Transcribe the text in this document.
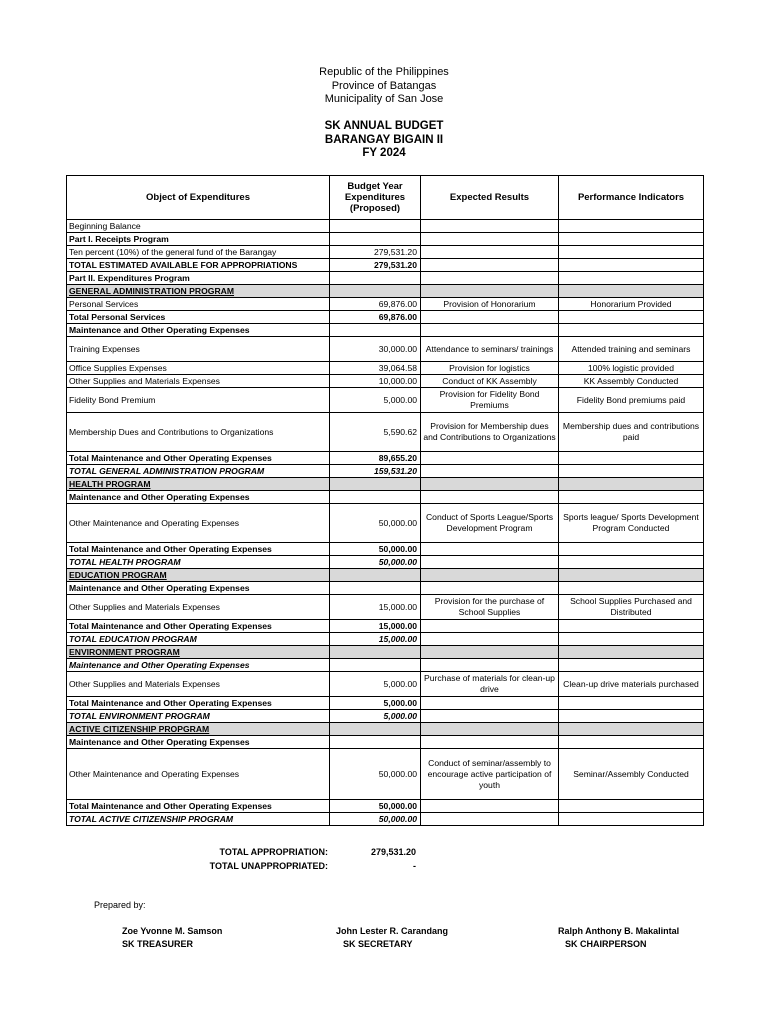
Republic of the Philippines
Province of Batangas
Municipality of San Jose
SK ANNUAL BUDGET
BARANGAY BIGAIN II
FY 2024
Object of Expenditures	Budget Year Expenditures (Proposed)	Expected Results	Performance Indicators
Beginning Balance			
Part I. Receipts Program			
Ten percent (10%) of the general fund of the Barangay	279,531.20		
TOTAL ESTIMATED AVAILABLE FOR APPROPRIATIONS	279,531.20		
Part II. Expenditures Program			
GENERAL ADMINISTRATION PROGRAM			
Personal Services	69,876.00	Provision of Honorarium	Honorarium Provided
Total Personal Services	69,876.00		
Maintenance and Other Operating Expenses			
Training Expenses	30,000.00	Attendance to seminars/ trainings	Attended training and seminars
Office Supplies Expenses	39,064.58	Provision for logistics	100% logistic provided
Other Supplies and Materials Expenses	10,000.00	Conduct of KK Assembly	KK Assembly Conducted
Fidelity Bond Premium	5,000.00	Provision for Fidelity Bond Premiums	Fidelity Bond premiums paid
Membership Dues and Contributions to Organizations	5,590.62	Provision for Membership dues and Contributions to Organizations	Membership dues and contributions paid
Total Maintenance and Other Operating Expenses	89,655.20		
TOTAL GENERAL ADMINISTRATION PROGRAM	159,531.20		
HEALTH PROGRAM			
Maintenance and Other Operating Expenses			
Other Maintenance and Operating Expenses	50,000.00	Conduct of Sports League/Sports Development Program	Sports league/ Sports Development Program Conducted
Total Maintenance and Other Operating Expenses	50,000.00		
TOTAL HEALTH PROGRAM	50,000.00		
EDUCATION PROGRAM			
Maintenance and Other Operating Expenses			
Other Supplies and Materials Expenses	15,000.00	Provision for the purchase of School Supplies	School Supplies Purchased and Distributed
Total Maintenance and Other Operating Expenses	15,000.00		
TOTAL EDUCATION PROGRAM	15,000.00		
ENVIRONMENT PROGRAM			
Maintenance and Other Operating Expenses			
Other Supplies and Materials Expenses	5,000.00	Purchase of materials for clean-up drive	Clean-up drive materials purchased
Total Maintenance and Other Operating Expenses	5,000.00		
TOTAL ENVIRONMENT PROGRAM	5,000.00		
ACTIVE CITIZENSHIP PROPGRAM			
Maintenance and Other Operating Expenses			
Other Maintenance and Operating Expenses	50,000.00	Conduct of seminar/assembly to encourage active participation of youth	Seminar/Assembly Conducted
Total Maintenance and Other Operating Expenses	50,000.00		
TOTAL ACTIVE CITIZENSHIP PROGRAM	50,000.00		
TOTAL APPROPRIATION:	279,531.20
TOTAL UNAPPROPRIATED:	-
Prepared by:
Zoe Yvonne M. Samson
SK TREASURER
John Lester R. Carandang
SK SECRETARY
Ralph Anthony B. Makalintal
SK CHAIRPERSON
